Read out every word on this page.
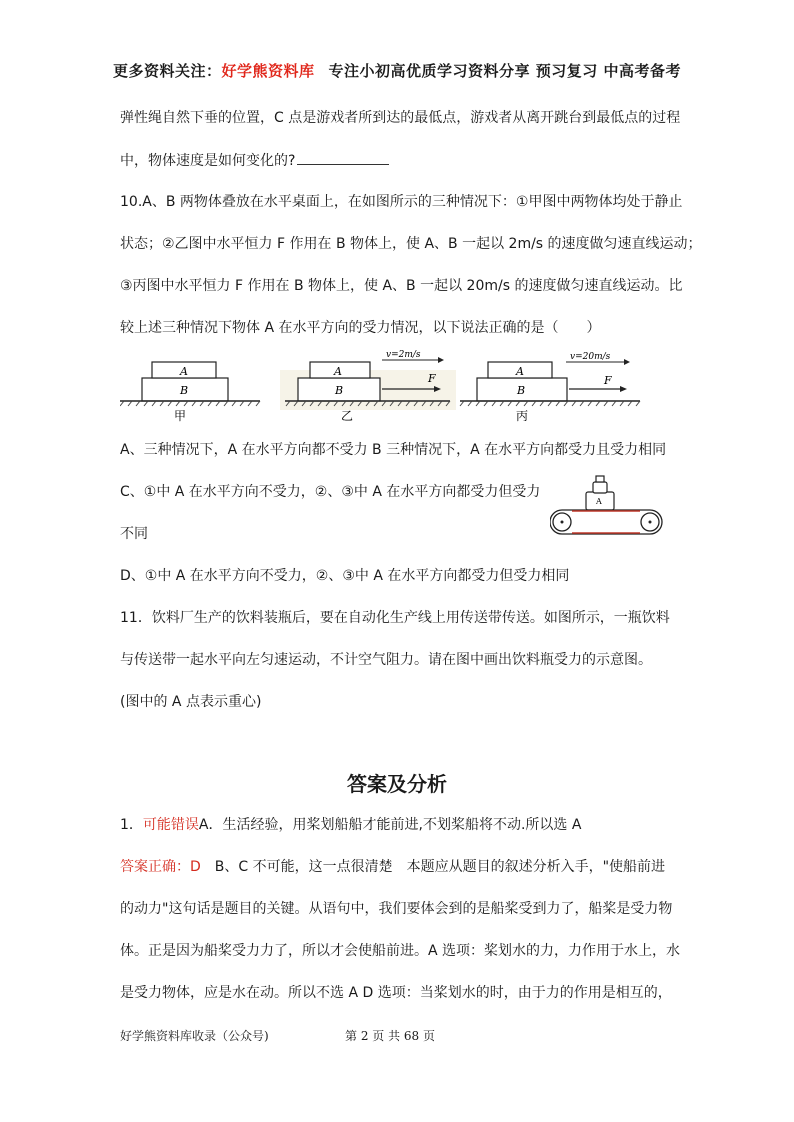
更多资料关注：好学熊资料库 专注小初高优质学习资料分享 预习复习 中高考备考
弹性绳自然下垂的位置，C 点是游戏者所到达的最低点，游戏者从离开跳台到最低点的过程
中，物体速度是如何变化的?
10.A、B 两物体叠放在水平桌面上，在如图所示的三种情况下：①甲图中两物体均处于静止
状态；②乙图中水平恒力 F 作用在 B 物体上，使 A、B 一起以 2m/s 的速度做匀速直线运动；
③丙图中水平恒力 F 作用在 B 物体上，使 A、B 一起以 20m/s 的速度做匀速直线运动。比
较上述三种情况下物体 A 在水平方向的受力情况，以下说法正确的是（　　）
A
B
甲
A
B
v=2m/s
F
乙
A
B
v=20m/s
F
丙
A、三种情况下，A 在水平方向都不受力 B 三种情况下，A 在水平方向都受力且受力相同
C、①中 A 在水平方向不受力，②、③中 A 在水平方向都受力但受力
不同
A
D、①中 A 在水平方向不受力，②、③中 A 在水平方向都受力但受力相同
11．饮料厂生产的饮料装瓶后，要在自动化生产线上用传送带传送。如图所示，一瓶饮料
与传送带一起水平向左匀速运动，不计空气阻力。请在图中画出饮料瓶受力的示意图。
(图中的 A 点表示重心)
答案及分析
1．可能错误A．生活经验，用桨划船船才能前进,不划桨船将不动.所以选 A
答案正确：D　B、C 不可能，这一点很清楚　本题应从题目的叙述分析入手，"使船前进
的动力"这句话是题目的关键。从语句中，我们要体会到的是船桨受到力了，船桨是受力物
体。正是因为船桨受力力了，所以才会使船前进。A 选项：桨划水的力，力作用于水上，水
是受力物体，应是水在动。所以不选 A D 选项：当桨划水的时，由于力的作用是相互的，
好学熊资料库收录（公众号)	第 2 页 共 68 页
